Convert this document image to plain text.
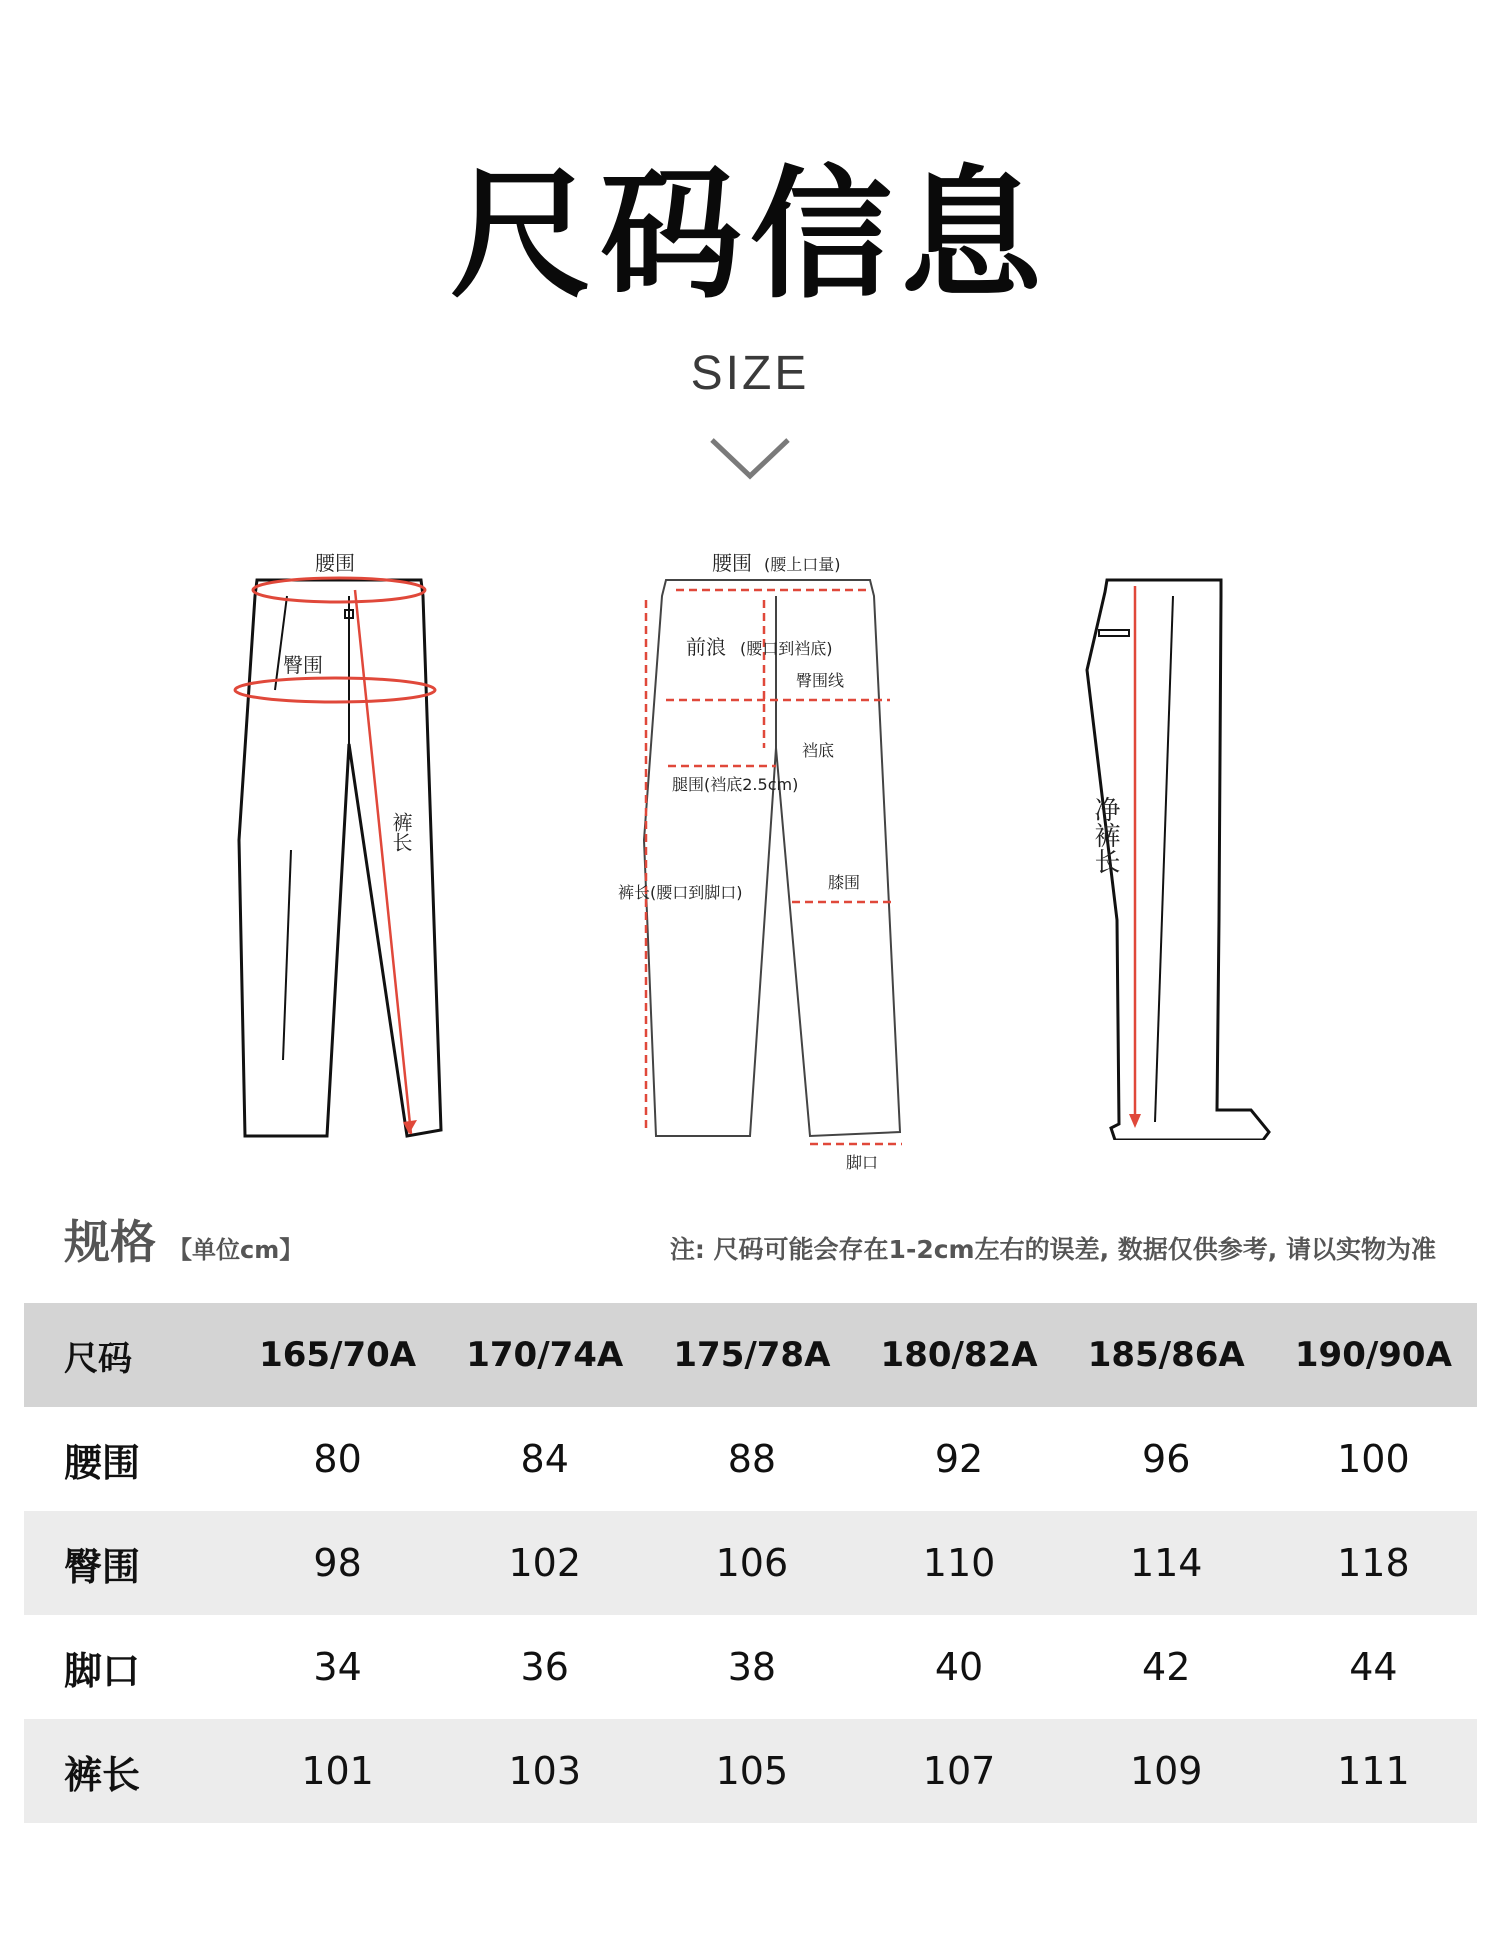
尺码信息
SIZE
腰围
臀围
裤长
腰围 (腰上口量)
前浪 (腰口到裆底)
臀围线
裆底
腿围(裆底2.5cm)
裤长(腰口到脚口)
膝围
脚口
净裤长
规格 【单位cm】	注: 尺码可能会存在1-2cm左右的误差, 数据仅供参考, 请以实物为准
尺码	165/70A	170/74A	175/78A	180/82A	185/86A	190/90A
腰围	80	84	88	92	96	100
臀围	98	102	106	110	114	118
脚口	34	36	38	40	42	44
裤长	101	103	105	107	109	111
